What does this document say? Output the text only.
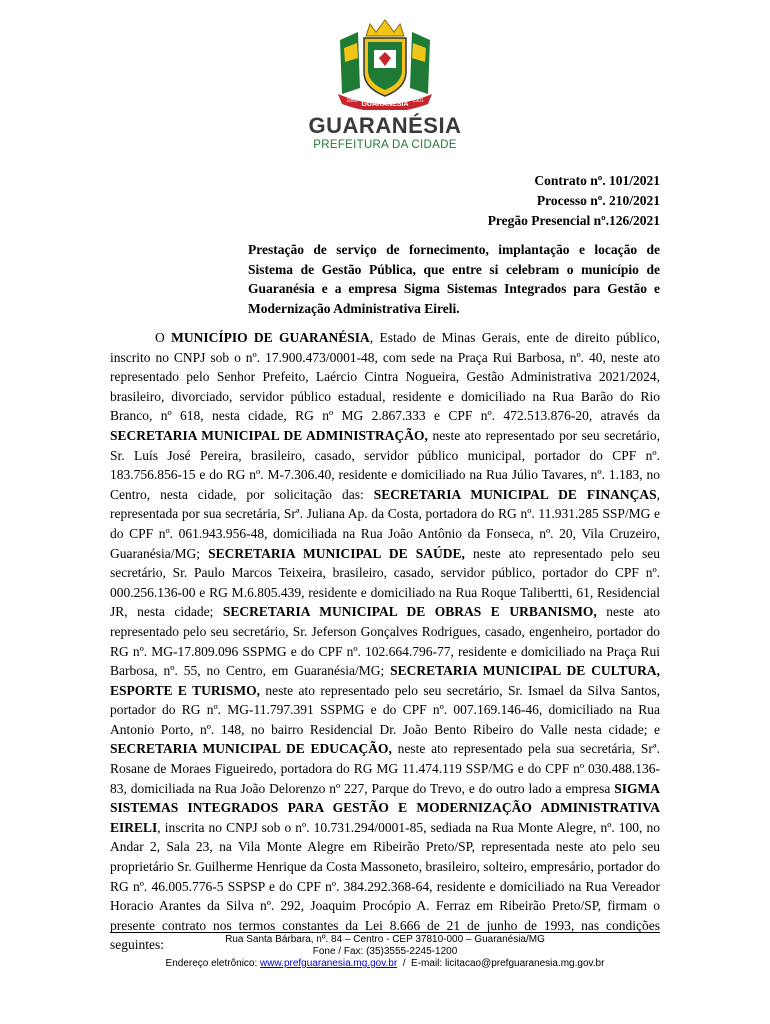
GUARANÉSIA
1869	1901
GUARANÉSIA
PREFEITURA DA CIDADE
Contrato nº. 101/2021
Processo nº. 210/2021
Pregão Presencial nº.126/2021
Prestação de serviço de fornecimento, implantação e locação de Sistema de Gestão Pública, que entre si celebram o município de Guaranésia e a empresa Sigma Sistemas Integrados para Gestão e Modernização Administrativa Eireli.

O MUNICÍPIO DE GUARANÉSIA, Estado de Minas Gerais, ente de direito público, inscrito no CNPJ sob o nº. 17.900.473/0001-48, com sede na Praça Rui Barbosa, nº. 40, neste ato representado pelo Senhor Prefeito, Laércio Cintra Nogueira, Gestão Administrativa 2021/2024, brasileiro, divorciado, servidor público estadual, residente e domiciliado na Rua Barão do Rio Branco, nº 618, nesta cidade, RG nº MG 2.867.333 e CPF nº. 472.513.876-20, através da SECRETARIA MUNICIPAL DE ADMINISTRAÇÃO, neste ato representado por seu secretário, Sr. Luís José Pereira, brasileiro, casado, servidor público municipal, portador do CPF nº. 183.756.856-15 e do RG nº. M-7.306.40, residente e domiciliado na Rua Júlio Tavares, nº. 1.183, no Centro, nesta cidade, por solicitação das: SECRETARIA MUNICIPAL DE FINANÇAS, representada por sua secretária, Srª. Juliana Ap. da Costa, portadora do RG nº. 11.931.285 SSP/MG e do CPF nº. 061.943.956-48, domiciliada na Rua João Antônio da Fonseca, nº. 20, Vila Cruzeiro, Guaranésia/MG; SECRETARIA MUNICIPAL DE SAÚDE, neste ato representado pelo seu secretário, Sr. Paulo Marcos Teixeira, brasileiro, casado, servidor público, portador do CPF nº. 000.256.136-00 e RG M.6.805.439, residente e domiciliado na Rua Roque Talibertti, 61, Residencial JR, nesta cidade; SECRETARIA MUNICIPAL DE OBRAS E URBANISMO, neste ato representado pelo seu secretário, Sr. Jeferson Gonçalves Rodrigues, casado, engenheiro, portador do RG nº. MG-17.809.096 SSPMG e do CPF nº. 102.664.796-77, residente e domiciliado na Praça Rui Barbosa, nº. 55, no Centro, em Guaranésia/MG; SECRETARIA MUNICIPAL DE CULTURA, ESPORTE E TURISMO, neste ato representado pelo seu secretário, Sr. Ismael da Silva Santos, portador do RG nº. MG-11.797.391 SSPMG e do CPF nº. 007.169.146-46, domiciliado na Rua Antonio Porto, nº. 148, no bairro Residencial Dr. João Bento Ribeiro do Valle nesta cidade; e SECRETARIA MUNICIPAL DE EDUCAÇÃO, neste ato representado pela sua secretária, Srª. Rosane de Moraes Figueiredo, portadora do RG MG 11.474.119 SSP/MG e do CPF nº 030.488.136-83, domiciliada na Rua João Delorenzo nº 227, Parque do Trevo, e do outro lado a empresa SIGMA SISTEMAS INTEGRADOS PARA GESTÃO E MODERNIZAÇÃO ADMINISTRATIVA EIRELI, inscrita no CNPJ sob o nº. 10.731.294/0001-85, sediada na Rua Monte Alegre, nº. 100, no Andar 2, Sala 23, na Vila Monte Alegre em Ribeirão Preto/SP, representada neste ato pelo seu proprietário Sr. Guilherme Henrique da Costa Massoneto, brasileiro, solteiro, empresário, portador do RG nº. 46.005.776-5 SSPSP e do CPF nº. 384.292.368-64, residente e domiciliado na Rua Vereador Horacio Arantes da Silva nº. 292, Joaquim Procópio A. Ferraz em Ribeirão Preto/SP, firmam o presente contrato nos termos constantes da Lei 8.666 de 21 de junho de 1993, nas condições seguintes:	Rua Santa Bárbara, nº. 84 – Centro - CEP 37810-000 – Guaranésia/MG
Fone / Fax: (35)3555-2245-1200
Endereço eletrônico: www.prefguaranesia.mg.gov.br  /  E-mail: licitacao@prefguaranesia.mg.gov.br
